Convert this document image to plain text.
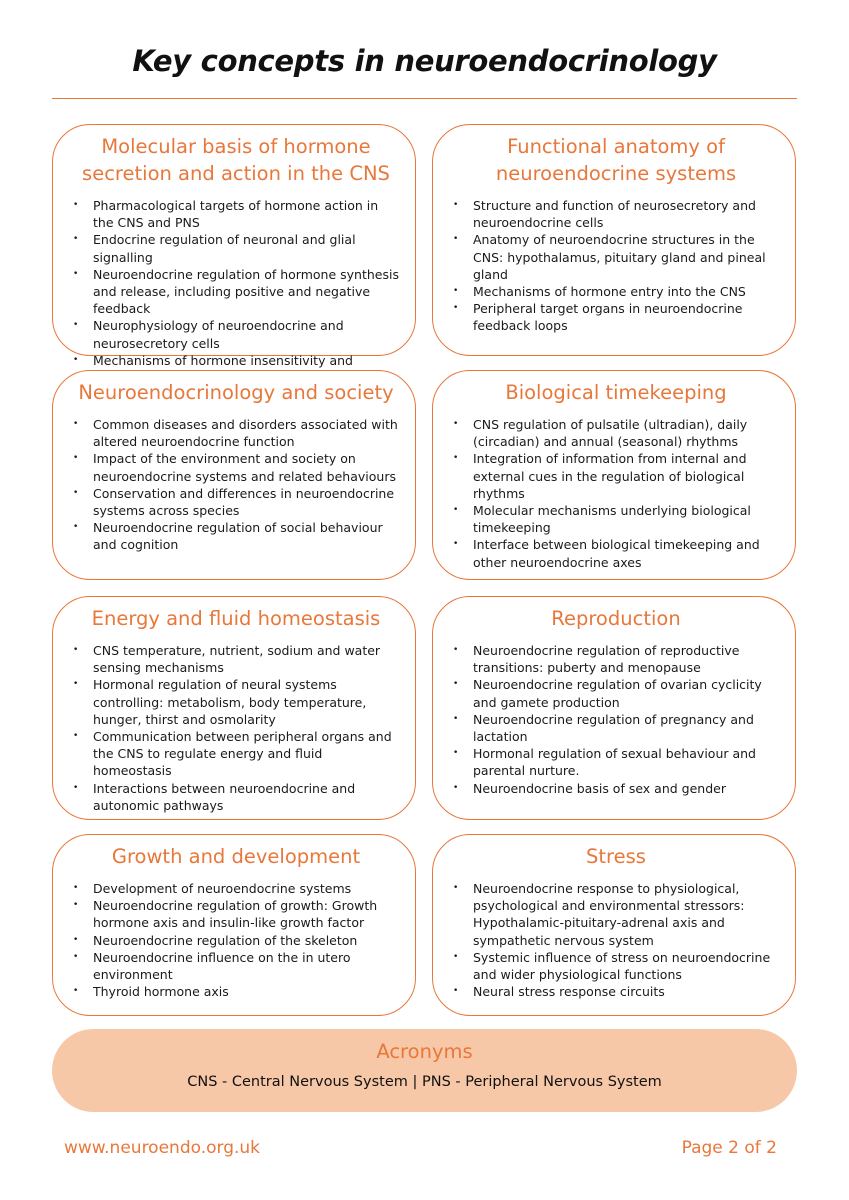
Key concepts in neuroendocrinology
Molecular basis of hormone secretion and action in the CNS
• Pharmacological targets of hormone action in the CNS and PNS
• Endocrine regulation of neuronal and glial signalling
• Neuroendocrine regulation of hormone synthesis and release, including positive and negative feedback
• Neurophysiology of neuroendocrine and neurosecretory cells
• Mechanisms of hormone insensitivity and
Functional anatomy of neuroendocrine systems
• Structure and function of neurosecretory and neuroendocrine cells
• Anatomy of neuroendocrine structures in the CNS: hypothalamus, pituitary gland and pineal gland
• Mechanisms of hormone entry into the CNS
• Peripheral target organs in neuroendocrine feedback loops
Neuroendocrinology and society
• Common diseases and disorders associated with altered neuroendocrine function
• Impact of the environment and society on neuroendocrine systems and related behaviours
• Conservation and differences in neuroendocrine systems across species
• Neuroendocrine regulation of social behaviour and cognition
Biological timekeeping
• CNS regulation of pulsatile (ultradian), daily (circadian) and annual (seasonal) rhythms
• Integration of information from internal and external cues in the regulation of biological rhythms
• Molecular mechanisms underlying biological timekeeping
• Interface between biological timekeeping and other neuroendocrine axes
Energy and fluid homeostasis
• CNS temperature, nutrient, sodium and water sensing mechanisms
• Hormonal regulation of neural systems controlling: metabolism, body temperature, hunger, thirst and osmolarity
• Communication between peripheral organs and the CNS to regulate energy and fluid homeostasis
• Interactions between neuroendocrine and autonomic pathways
Reproduction
• Neuroendocrine regulation of reproductive transitions: puberty and menopause
• Neuroendocrine regulation of ovarian cyclicity and gamete production
• Neuroendocrine regulation of pregnancy and lactation
• Hormonal regulation of sexual behaviour and parental nurture.
• Neuroendocrine basis of sex and gender
Growth and development
• Development of neuroendocrine systems
• Neuroendocrine regulation of growth: Growth hormone axis and insulin-like growth factor
• Neuroendocrine regulation of the skeleton
• Neuroendocrine influence on the in utero environment
• Thyroid hormone axis
Stress
• Neuroendocrine response to physiological, psychological and environmental stressors: Hypothalamic-pituitary-adrenal axis and sympathetic nervous system
• Systemic influence of stress on neuroendocrine and wider physiological functions
• Neural stress response circuits
Acronyms

CNS - Central Nervous System | PNS - Peripheral Nervous System

www.neuroendo.org.uk	Page 2 of 2
